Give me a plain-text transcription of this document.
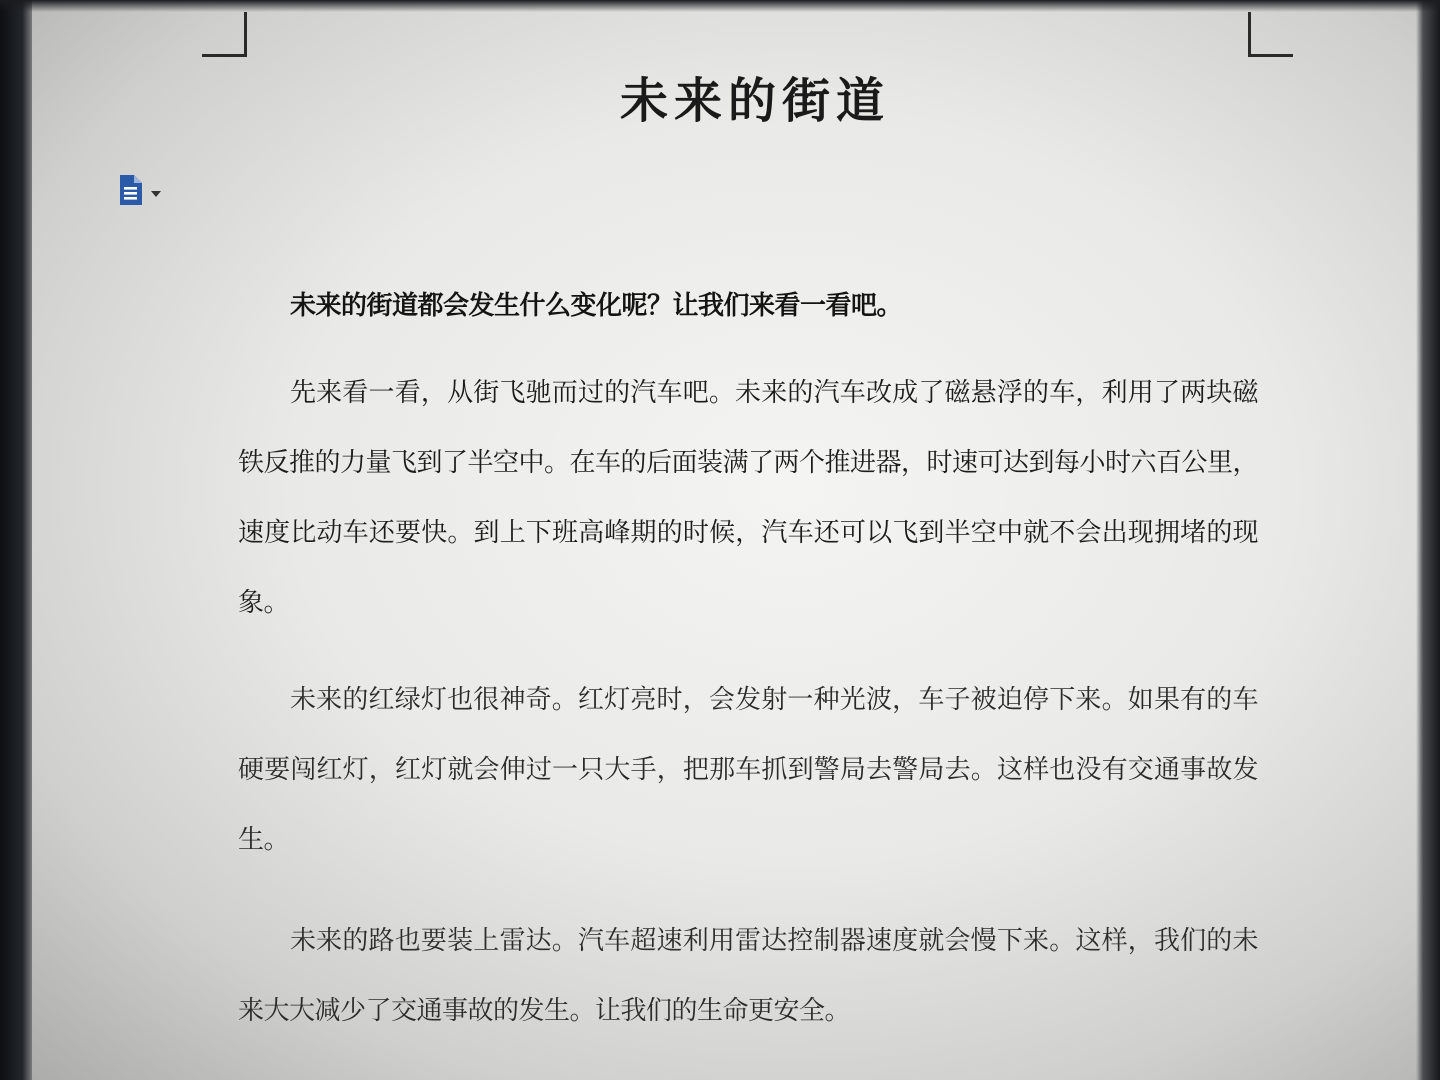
未来的街道

未来的街道都会发生什么变化呢？让我们来看一看吧。

先来看一看，从街飞驰而过的汽车吧。未来的汽车改成了磁悬浮的车，利用了两块磁铁反推的力量飞到了半空中。在车的后面装满了两个推进器，时速可达到每小时六百公里，速度比动车还要快。到上下班高峰期的时候，汽车还可以飞到半空中就不会出现拥堵的现象。

未来的红绿灯也很神奇。红灯亮时，会发射一种光波，车子被迫停下来。如果有的车硬要闯红灯，红灯就会伸过一只大手，把那车抓到警局去警局去。这样也没有交通事故发生。

未来的路也要装上雷达。汽车超速利用雷达控制器速度就会慢下来。这样，我们的未来大大减少了交通事故的发生。让我们的生命更安全。
